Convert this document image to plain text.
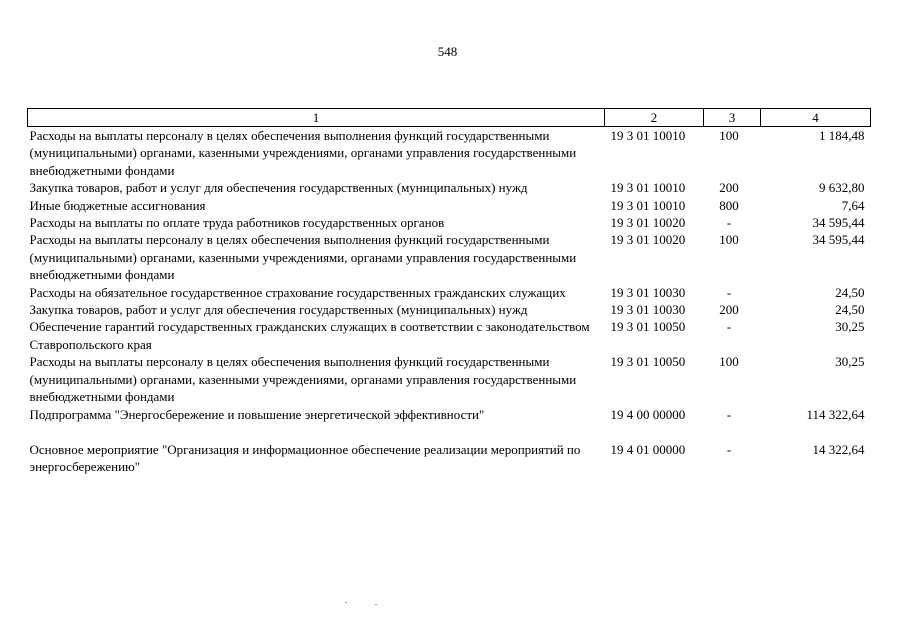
548
1	2	3	4
Расходы на выплаты персоналу в целях обеспечения выполнения функций государственными (муниципальными) органами, казенными учреждениями, органами управления государственными внебюджетными фондами	19 3 01 10010	100	1 184,48
Закупка товаров, работ и услуг для обеспечения государственных (муниципальных) нужд	19 3 01 10010	200	9 632,80
Иные бюджетные ассигнования	19 3 01 10010	800	7,64
Расходы на выплаты по оплате труда работников государственных органов	19 3 01 10020	-	34 595,44
Расходы на выплаты персоналу в целях обеспечения выполнения функций государственными (муниципальными) органами, казенными учреждениями, органами управления государственными внебюджетными фондами	19 3 01 10020	100	34 595,44
Расходы на обязательное государственное страхование государственных гражданских служащих	19 3 01 10030	-	24,50
Закупка товаров, работ и услуг для обеспечения государственных (муниципальных) нужд	19 3 01 10030	200	24,50
Обеспечение гарантий государственных гражданских служащих в соответствии с законодательством Ставропольского края	19 3 01 10050	-	30,25
Расходы на выплаты персоналу в целях обеспечения выполнения функций государственными (муниципальными) органами, казенными учреждениями, органами управления государственными внебюджетными фондами	19 3 01 10050	100	30,25
Подпрограмма "Энергосбережение и повышение энергетической эффективности"	19 4 00 00000	-	114 322,64
Основное мероприятие "Организация и информационное обеспечение реализации мероприятий по энергосбережению"	19 4 01 00000	-	14 322,64
